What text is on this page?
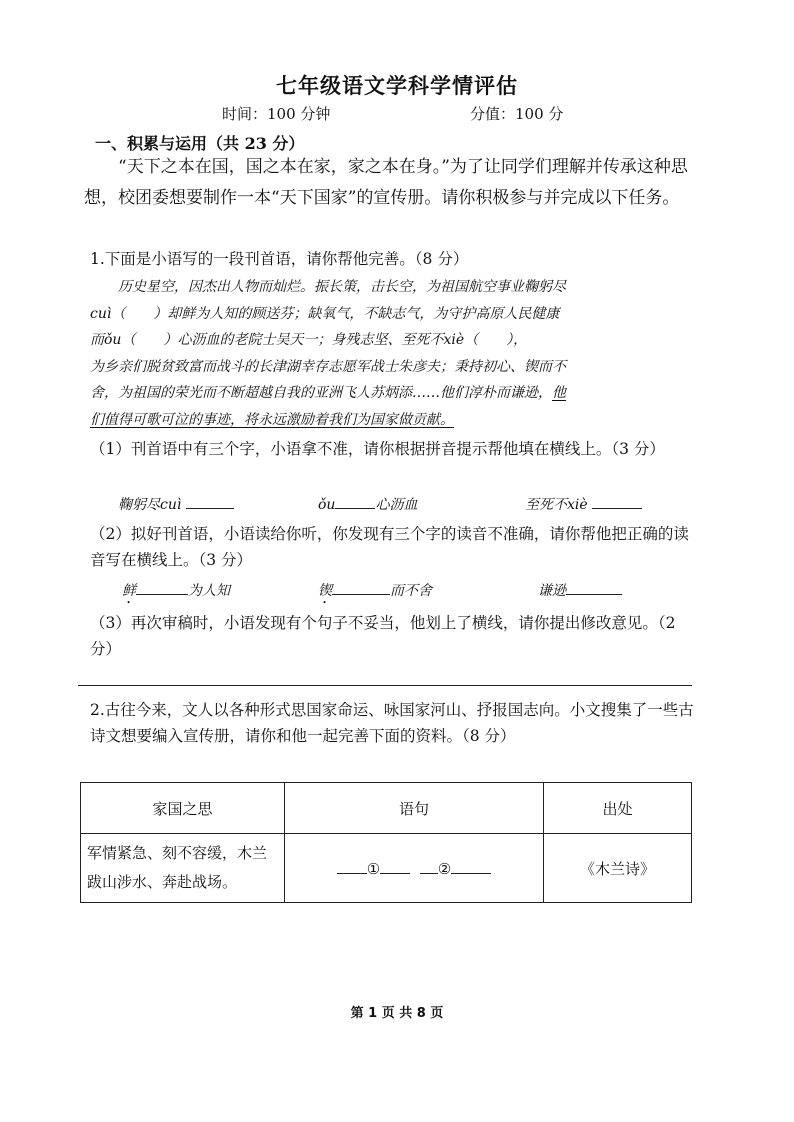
七年级语文学科学情评估
时间：100 分钟	分值：100 分
一、积累与运用（共 23 分）
“天下之本在国，国之本在家，家之本在身。”为了让同学们理解并传承这种思想，校团委想要制作一本“天下国家”的宣传册。请你积极参与并完成以下任务。
1.下面是小语写的一段刊首语，请你帮他完善。（8 分）

历史星空，因杰出人物而灿烂。振长策，击长空，为祖国航空事业鞠躬尽

cuì（　　）却鲜为人知的顾送芬；缺氧气，不缺志气，为守护高原人民健康

而ǒu（　　）心沥血的老院士吴天一；身残志坚、至死不xiè（　　），

为乡亲们脱贫致富而战斗的长津湖幸存志愿军战士朱彦夫；秉持初心、锲而不

舍，为祖国的荣光而不断超越自我的亚洲飞人苏炳添……他们淳朴而谦逊，他

们值得可歌可泣的事迹，将永远激励着我们为国家做贡献。

（1）刊首语中有三个字，小语拿不准，请你根据拼音提示帮他填在横线上。（3 分）
鞠躬尽cuì	ǒu	心沥血	至死不xiè
（2）拟好刊首语，小语读给你听，你发现有三个字的读音不准确，请你帮他把正确的读音写在横线上。（3 分）
鲜	为人知	锲	而不舍	谦逊
（3）再次审稿时，小语发现有个句子不妥当，他划上了横线，请你提出修改意见。（2 分）
2.古往今来，文人以各种形式思国家命运、咏国家河山、抒报国志向。小文搜集了一些古诗文想要编入宣传册，请你和他一起完善下面的资料。（8 分）
家国之思	语句	出处

军情紧急、刻不容缓，木兰跋山涉水、奔赴战场。	① ②	《木兰诗》
第 1 页 共 8 页
